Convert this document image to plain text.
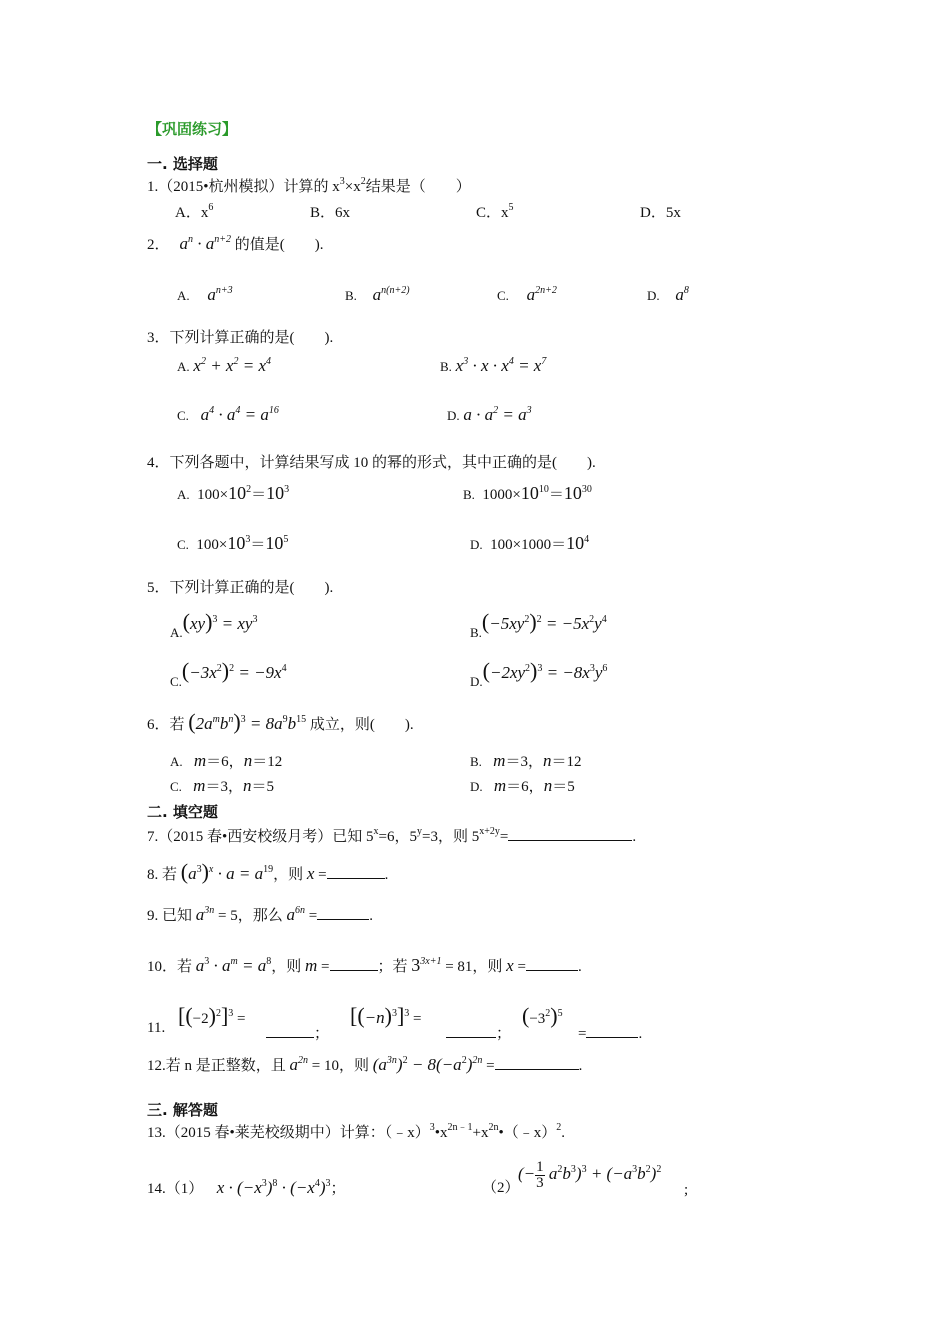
【巩固练习】
一. 选择题
1.（2015•杭州模拟）计算的 $x^3\times x^2$结果是（　　）
A．$x^6$	B．6x	C．$x^5$	D．5x
2． $a^n \cdot a^{n+2}$ 的值是(　　).
A. $a^{n+3}$	B. $a^{n(n+2)}$	C. $a^{2n+2}$	D. $a^8$
3．下列计算正确的是(　　).
A. $x^2 + x^2 = x^4$	B. $x^3 \cdot x \cdot x^4 = x^7$
C. $a^4 \cdot a^4 = a^{16}$	D. $a \cdot a^2 = a^3$
4．下列各题中，计算结果写成 10 的幂的形式，其中正确的是(　　).
A.  $100\times 10^2=10^3$	B.  $1000\times 10^{10}=10^{30}$
C.  $100\times 10^3=10^5$	D.  $100\times 1000=10^4$
5．下列计算正确的是(　　).
$A.(xy)^3 = xy^3$
$B.(-5xy^2)^2 = -5x^2y^4$
$C.(-3x^2)^2 = -9x^4$
$D.(-2xy^2)^3 = -8x^3y^6$
6．若 $(2a^mb^n)^3 = 8a^9b^{15}$ 成立，则(　　).
A. m＝6，n＝12	B. m＝3，n＝12
C. m＝3，n＝5	D. m＝6，n＝5
二. 填空题
7.（2015 春•西安校级月考）已知 $5^x=6$，$5^y=3$，则 $5^{x+2y}=$	.
8. 若 $(a^3)^x \cdot a = a^{19}$，则 x =	.
9. 已知 $a^{3n} = 5$，那么 $a^{6n}$ =	.
10．若 $a^3 \cdot a^m = a^8$，则 m =	；若 $3^{3x+1} = 81$，则 x =	.
11. $[(-2)^2]^3$ =
；
$[(-n)^3]^3$ =
；
$(-3^2)^5$
=	.
12.若 n 是正整数，且 $a^{2n} = 10$，则 $(a^{3n})^2 - 8(-a^2)^{2n}$ =	.
三. 解答题
13.（2015 春•莱芜校级期中）计算：$(﹣x)^3•x^{2n﹣1}+x^{2n}•(﹣x)^2$.
14.（1）　$x \cdot (-x^3)^8 \cdot (-x^4)^3$；	（2）
(− $\frac{1}{3} a^2b^3)^3 + (-a^3b^2)^2$
;
